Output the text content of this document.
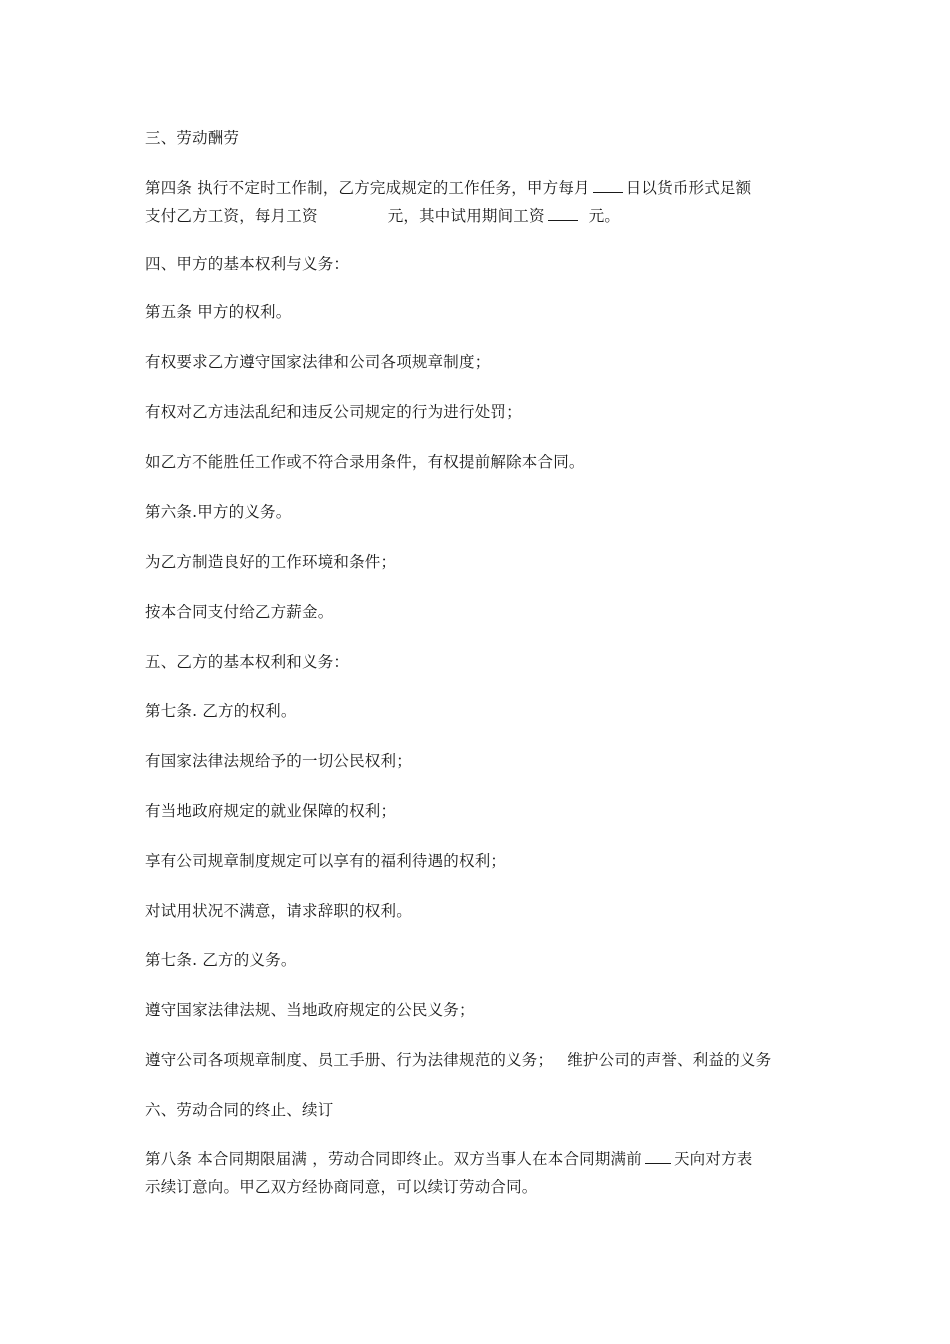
三、劳动酬劳
第四条 执行不定时工作制，乙方完成规定的工作任务，甲方每月 日以货币形式足额
支付乙方工资，每月工资	元，其中试用期间工资	元。
四、甲方的基本权利与义务：
第五条 甲方的权利。
有权要求乙方遵守国家法律和公司各项规章制度；
有权对乙方违法乱纪和违反公司规定的行为进行处罚；
如乙方不能胜任工作或不符合录用条件，有权提前解除本合同。
第六条.甲方的义务。
为乙方制造良好的工作环境和条件；
按本合同支付给乙方薪金。
五、乙方的基本权利和义务：
第七条. 乙方的权利。
有国家法律法规给予的一切公民权利；
有当地政府规定的就业保障的权利；
享有公司规章制度规定可以享有的福利待遇的权利；
对试用状况不满意，请求辞职的权利。
第七条. 乙方的义务。
遵守国家法律法规、当地政府规定的公民义务；
遵守公司各项规章制度、员工手册、行为法律规范的义务； 维护公司的声誉、利益的义务
六、劳动合同的终止、续订
第八条 本合同期限届满 ，劳动合同即终止。双方当事人在本合同期满前 天向对方表
示续订意向。甲乙双方经协商同意，可以续订劳动合同。
